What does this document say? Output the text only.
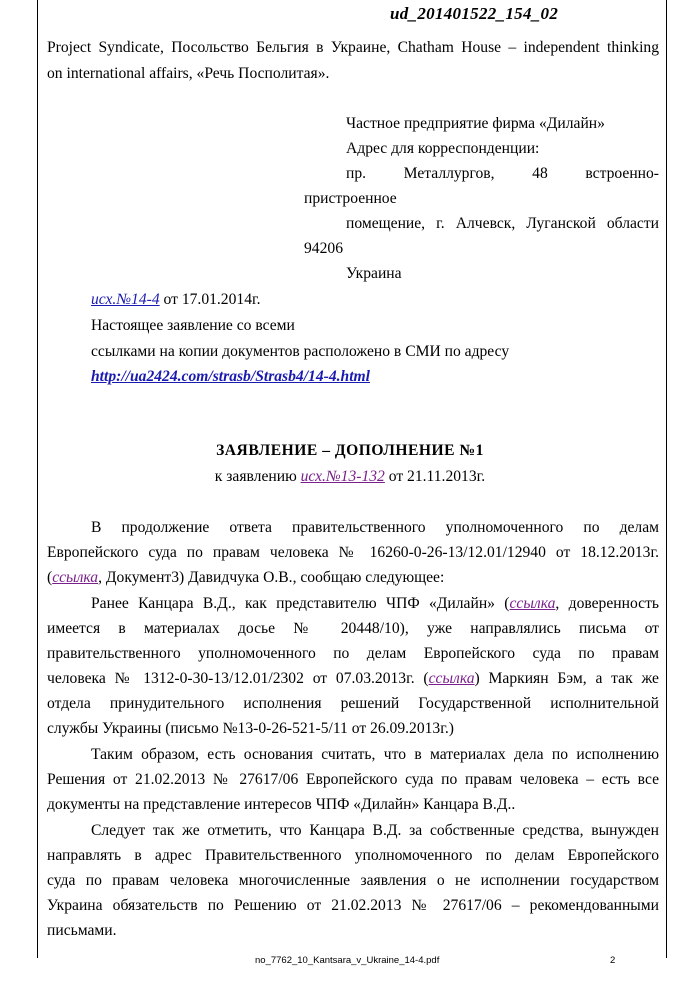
ud_201401522_154_02
Project Syndicate, Посольство Бельгия в Украине, Chatham House – independent thinking
on international affairs, «Речь Посполитая».
Частное предприятие фирма «Дилайн»
Адрес для корреспонденции:
пр. Металлургов, 48 встроенно-
пристроенное
помещение, г. Алчевск, Луганской области
94206
Украина
исх.№14-4 от 17.01.2014г.
Настоящее заявление со всеми
ссылками на копии документов расположено в СМИ по адресу
http://ua2424.com/strasb/Strasb4/14-4.html
ЗАЯВЛЕНИЕ – ДОПОЛНЕНИЕ №1
к заявлению исх.№13-132 от 21.11.2013г.
В продолжение ответа правительственного уполномоченного по делам
Европейского суда по правам человека № 16260-0-26-13/12.01/12940 от 18.12.2013г.
(ссылка, Документ3) Давидчука О.В., сообщаю следующее:
Ранее Канцара В.Д., как представителю ЧПФ «Дилайн» (ссылка, доверенность
имеется в материалах досье № 20448/10), уже направлялись письма от
правительственного уполномоченного по делам Европейского суда по правам
человека № 1312-0-30-13/12.01/2302 от 07.03.2013г. (ссылка) Маркиян Бэм, а так же
отдела принудительного исполнения решений Государственной исполнительной
службы Украины (письмо №13-0-26-521-5/11 от 26.09.2013г.)
Таким образом, есть основания считать, что в материалах дела по исполнению
Решения от 21.02.2013 № 27617/06 Европейского суда по правам человека – есть все
документы на представление интересов ЧПФ «Дилайн» Канцара В.Д..
Следует так же отметить, что Канцара В.Д. за собственные средства, вынужден
направлять в адрес Правительственного уполномоченного по делам Европейского
суда по правам человека многочисленные заявления о не исполнении государством
Украина обязательств по Решению от 21.02.2013 № 27617/06 – рекомендованными
письмами.
no_7762_10_Kantsara_v_Ukraine_14-4.pdf	2
